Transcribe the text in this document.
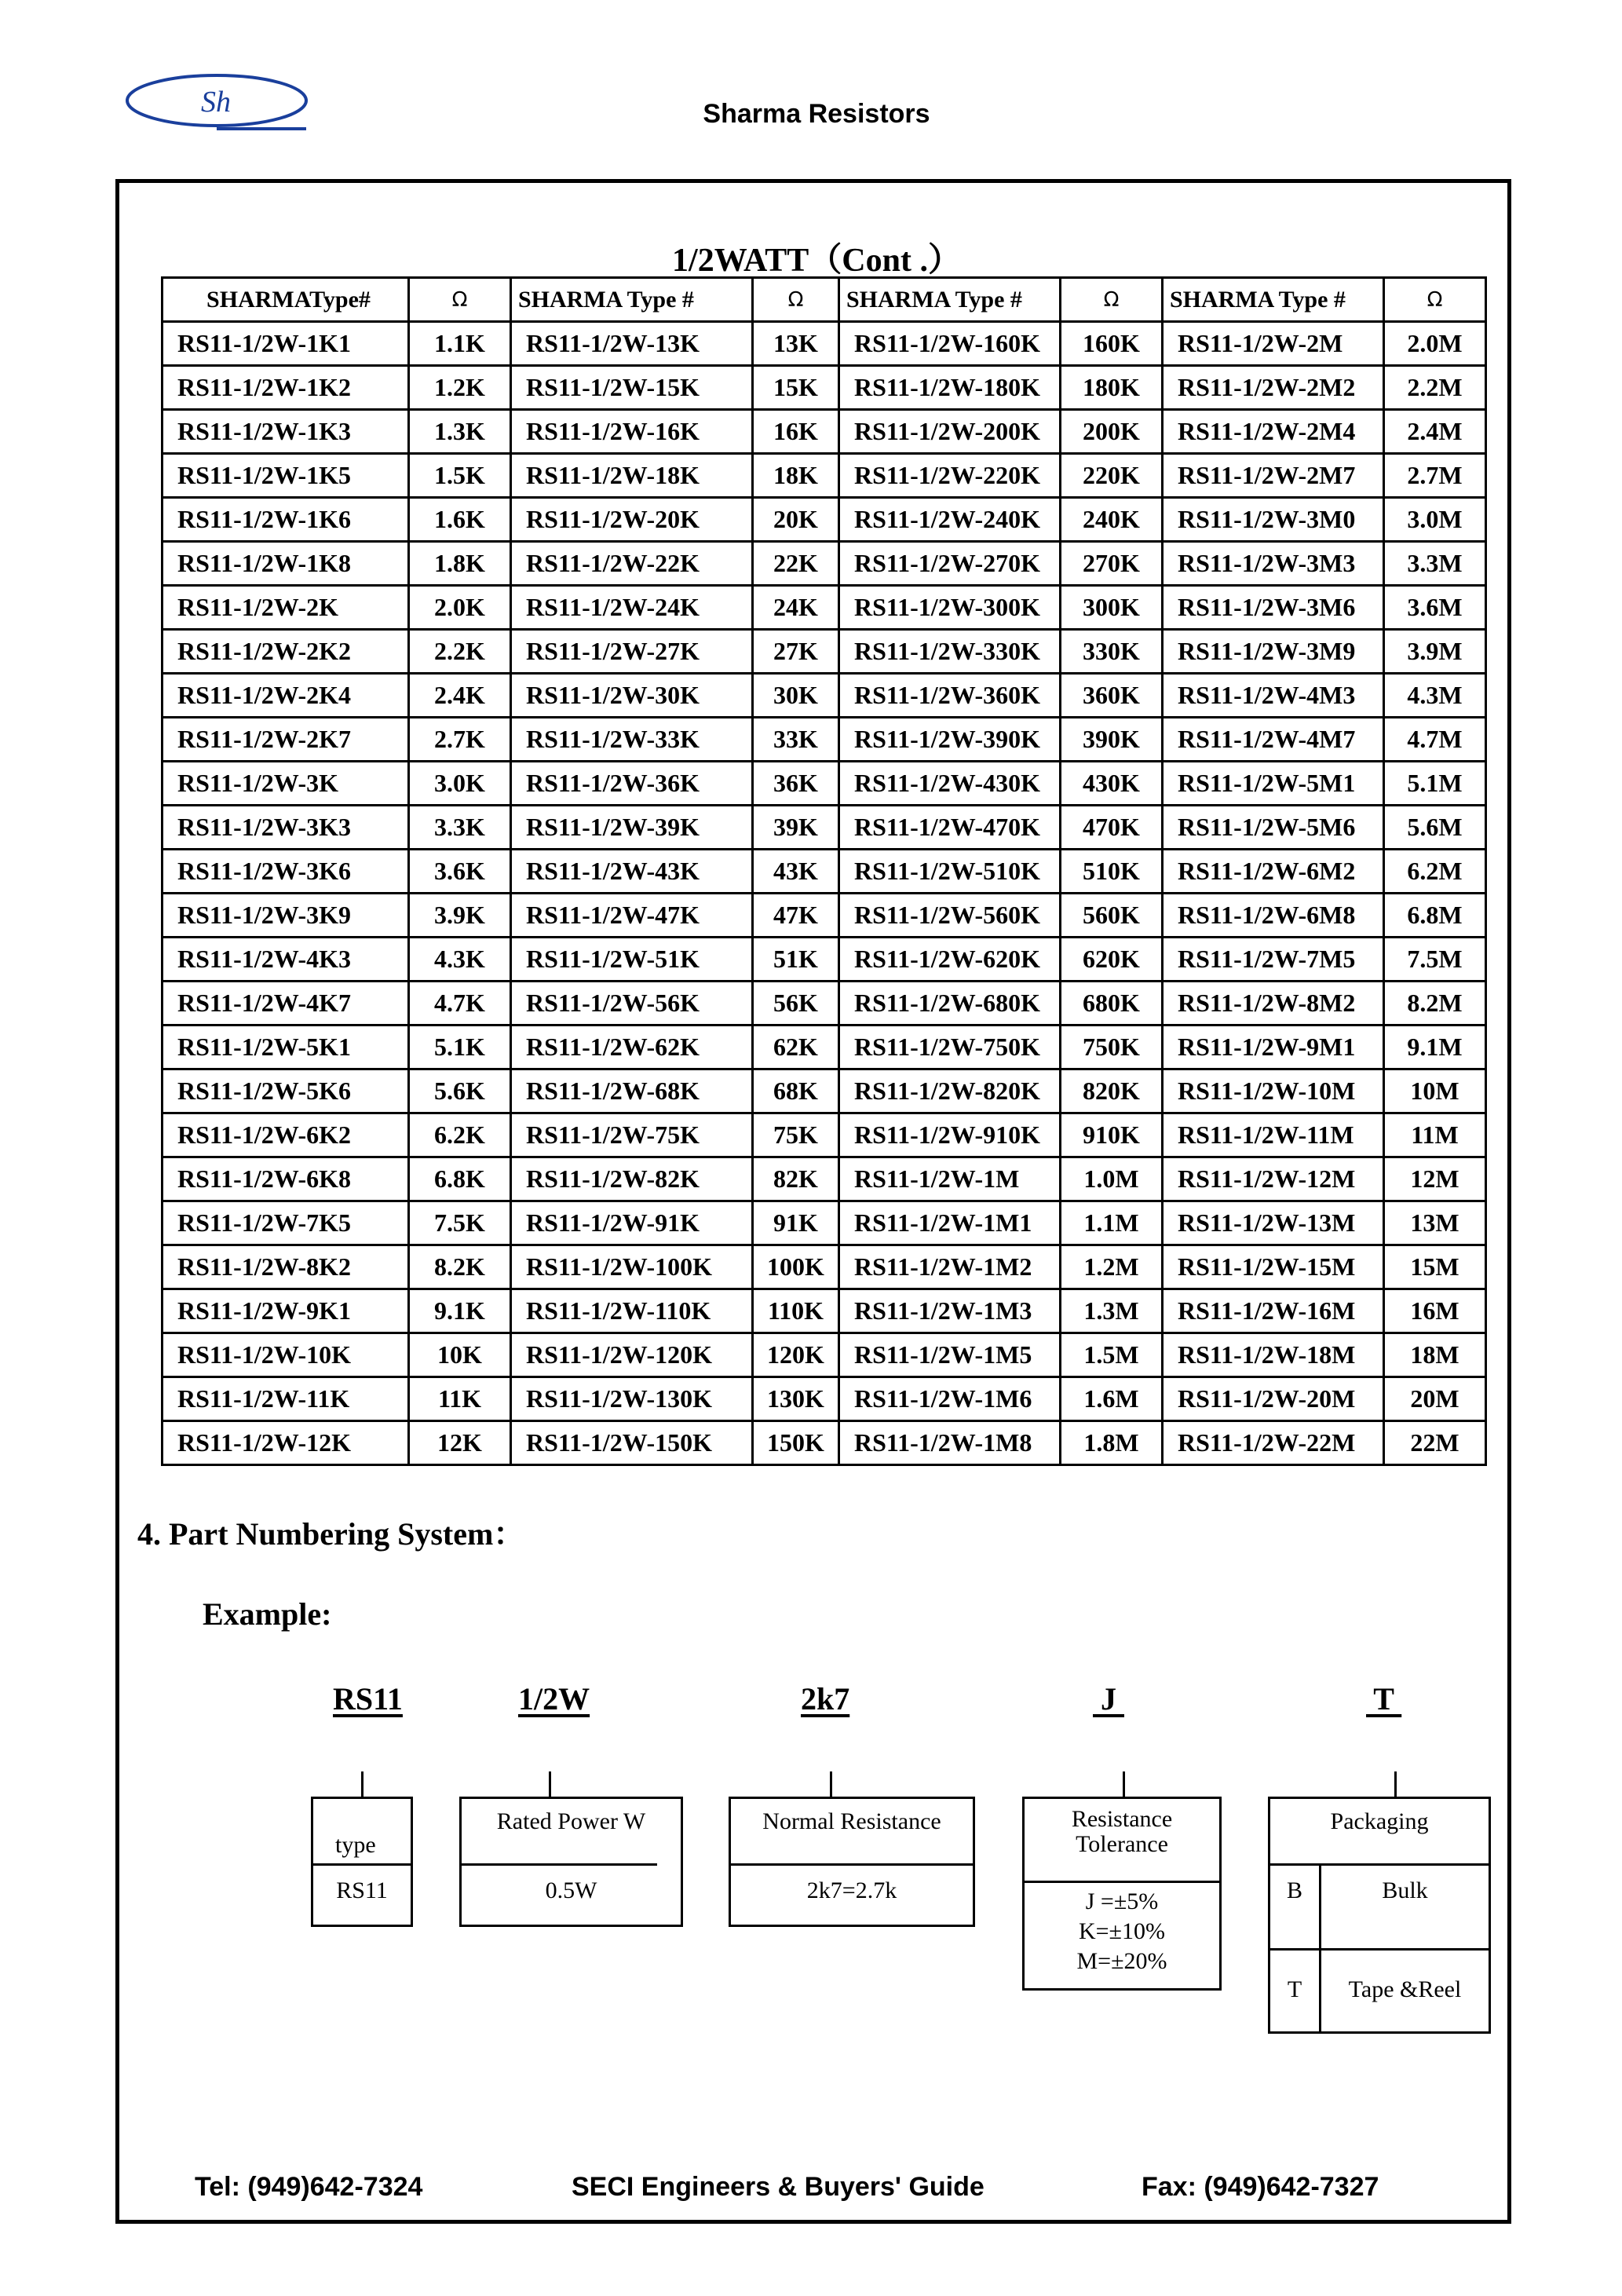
Sh	Sharma Resistors
1/2WATT（Cont .）
SHARMAType#	Ω	SHARMA Type #	Ω	SHARMA Type #	Ω	SHARMA Type #	Ω
RS11-1/2W-1K1	1.1K	RS11-1/2W-13K	13K	RS11-1/2W-160K	160K	RS11-1/2W-2M	2.0M
RS11-1/2W-1K2	1.2K	RS11-1/2W-15K	15K	RS11-1/2W-180K	180K	RS11-1/2W-2M2	2.2M
RS11-1/2W-1K3	1.3K	RS11-1/2W-16K	16K	RS11-1/2W-200K	200K	RS11-1/2W-2M4	2.4M
RS11-1/2W-1K5	1.5K	RS11-1/2W-18K	18K	RS11-1/2W-220K	220K	RS11-1/2W-2M7	2.7M
RS11-1/2W-1K6	1.6K	RS11-1/2W-20K	20K	RS11-1/2W-240K	240K	RS11-1/2W-3M0	3.0M
RS11-1/2W-1K8	1.8K	RS11-1/2W-22K	22K	RS11-1/2W-270K	270K	RS11-1/2W-3M3	3.3M
RS11-1/2W-2K	2.0K	RS11-1/2W-24K	24K	RS11-1/2W-300K	300K	RS11-1/2W-3M6	3.6M
RS11-1/2W-2K2	2.2K	RS11-1/2W-27K	27K	RS11-1/2W-330K	330K	RS11-1/2W-3M9	3.9M
RS11-1/2W-2K4	2.4K	RS11-1/2W-30K	30K	RS11-1/2W-360K	360K	RS11-1/2W-4M3	4.3M
RS11-1/2W-2K7	2.7K	RS11-1/2W-33K	33K	RS11-1/2W-390K	390K	RS11-1/2W-4M7	4.7M
RS11-1/2W-3K	3.0K	RS11-1/2W-36K	36K	RS11-1/2W-430K	430K	RS11-1/2W-5M1	5.1M
RS11-1/2W-3K3	3.3K	RS11-1/2W-39K	39K	RS11-1/2W-470K	470K	RS11-1/2W-5M6	5.6M
RS11-1/2W-3K6	3.6K	RS11-1/2W-43K	43K	RS11-1/2W-510K	510K	RS11-1/2W-6M2	6.2M
RS11-1/2W-3K9	3.9K	RS11-1/2W-47K	47K	RS11-1/2W-560K	560K	RS11-1/2W-6M8	6.8M
RS11-1/2W-4K3	4.3K	RS11-1/2W-51K	51K	RS11-1/2W-620K	620K	RS11-1/2W-7M5	7.5M
RS11-1/2W-4K7	4.7K	RS11-1/2W-56K	56K	RS11-1/2W-680K	680K	RS11-1/2W-8M2	8.2M
RS11-1/2W-5K1	5.1K	RS11-1/2W-62K	62K	RS11-1/2W-750K	750K	RS11-1/2W-9M1	9.1M
RS11-1/2W-5K6	5.6K	RS11-1/2W-68K	68K	RS11-1/2W-820K	820K	RS11-1/2W-10M	10M
RS11-1/2W-6K2	6.2K	RS11-1/2W-75K	75K	RS11-1/2W-910K	910K	RS11-1/2W-11M	11M
RS11-1/2W-6K8	6.8K	RS11-1/2W-82K	82K	RS11-1/2W-1M	1.0M	RS11-1/2W-12M	12M
RS11-1/2W-7K5	7.5K	RS11-1/2W-91K	91K	RS11-1/2W-1M1	1.1M	RS11-1/2W-13M	13M
RS11-1/2W-8K2	8.2K	RS11-1/2W-100K	100K	RS11-1/2W-1M2	1.2M	RS11-1/2W-15M	15M
RS11-1/2W-9K1	9.1K	RS11-1/2W-110K	110K	RS11-1/2W-1M3	1.3M	RS11-1/2W-16M	16M
RS11-1/2W-10K	10K	RS11-1/2W-120K	120K	RS11-1/2W-1M5	1.5M	RS11-1/2W-18M	18M
RS11-1/2W-11K	11K	RS11-1/2W-130K	130K	RS11-1/2W-1M6	1.6M	RS11-1/2W-20M	20M
RS11-1/2W-12K	12K	RS11-1/2W-150K	150K	RS11-1/2W-1M8	1.8M	RS11-1/2W-22M	22M
4. Part Numbering System：
Example:
RS11	1/2W	2k7	J	T
type
RS11
Rated Power W
0.5W
Normal Resistance
2k7=2.7k
Resistance
Tolerance
J =±5%
K=±10%
M=±20%
Packaging
B	Bulk
T	Tape &Reel
Tel: (949)642-7324	SECI Engineers & Buyers' Guide	Fax: (949)642-7327
